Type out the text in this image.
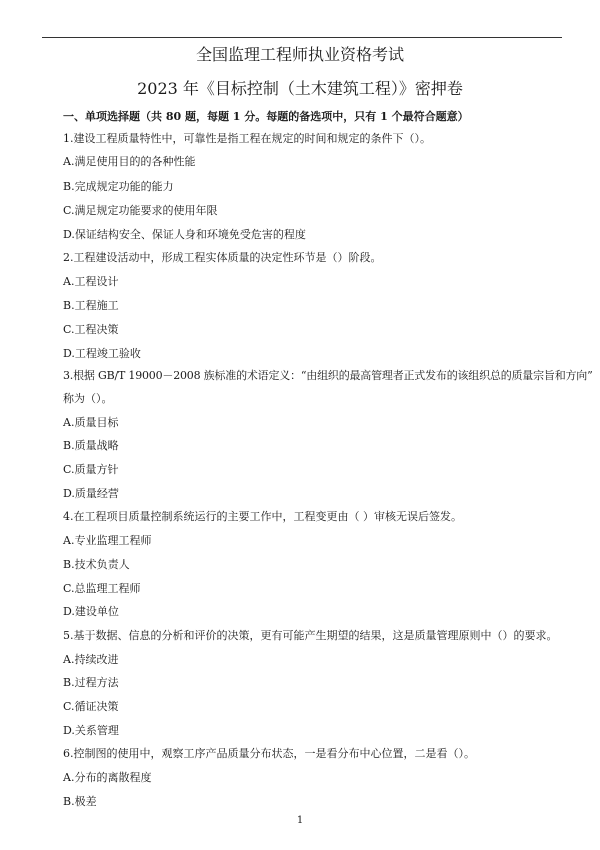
全国监理工程师执业资格考试
2023 年《目标控制（土木建筑工程）》密押卷
一、单项选择题（共 80 题，每题 1 分。每题的备选项中，只有 1 个最符合题意）
1.建设工程质量特性中，可靠性是指工程在规定的时间和规定的条件下（）。
A.满足使用目的的各种性能
B.完成规定功能的能力
C.满足规定功能要求的使用年限
D.保证结构安全、保证人身和环境免受危害的程度
2.工程建设活动中，形成工程实体质量的决定性环节是（）阶段。
A.工程设计
B.工程施工
C.工程决策
D.工程竣工验收
3.根据 GB/T 19000－2008 族标准的术语定义：“由组织的最高管理者正式发布的该组织总的质量宗旨和方向”
称为（）。
A.质量目标
B.质量战略
C.质量方针
D.质量经营
4.在工程项目质量控制系统运行的主要工作中，工程变更由（ ）审核无误后签发。
A.专业监理工程师
B.技术负责人
C.总监理工程师
D.建设单位
5.基于数据、信息的分析和评价的决策，更有可能产生期望的结果，这是质量管理原则中（）的要求。
A.持续改进
B.过程方法
C.循证决策
D.关系管理
6.控制图的使用中，观察工序产品质量分布状态，一是看分布中心位置，二是看（）。
A.分布的离散程度
B.极差
1
